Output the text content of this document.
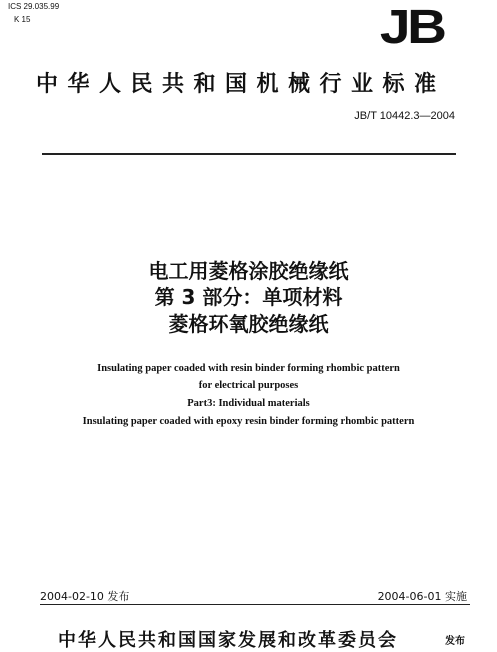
ICS 29.035.99
K 15	JB
中华人民共和国机械行业标准
JB/T 10442.3—2004
电工用菱格涂胶绝缘纸
第 3 部分：单项材料
菱格环氧胶绝缘纸
Insulating paper coaded with resin binder forming rhombic pattern
for electrical purposes
Part3: Individual materials
Insulating paper coaded with epoxy resin binder forming rhombic pattern
2004-02-10 发布	2004-06-01 实施
中华人民共和国国家发展和改革委员会	发布
